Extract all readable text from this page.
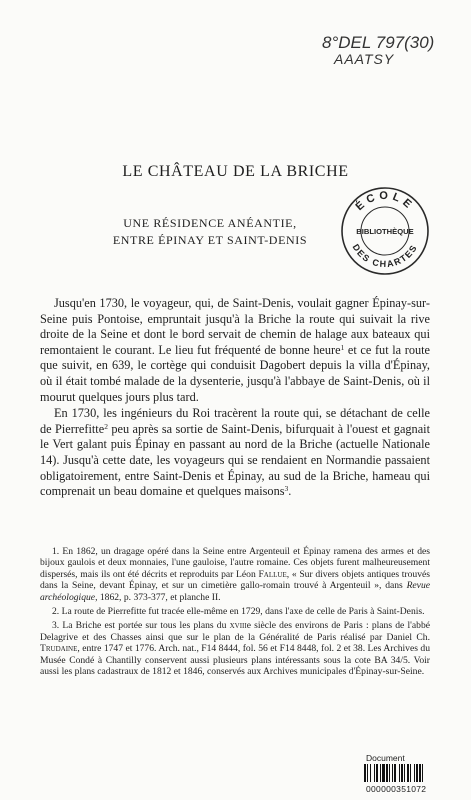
8°DEL 797(30)
AAATSY
LE CHÂTEAU DE LA BRICHE
UNE RÉSIDENCE ANÉANTIE,
ENTRE ÉPINAY ET SAINT-DENIS
ÉCOLE
BIBLIOTHÈQUE
DES CHARTES

Jusqu'en 1730, le voyageur, qui, de Saint-Denis, voulait gagner Épinay-sur-Seine puis Pontoise, empruntait jusqu'à la Briche la route qui suivait la rive droite de la Seine et dont le bord servait de chemin de halage aux bateaux qui remontaient le courant. Le lieu fut fréquenté de bonne heure$^1$ et ce fut la route que suivit, en 639, le cortège qui conduisit Dagobert depuis la villa d'Épinay, où il était tombé malade de la dysenterie, jusqu'à l'abbaye de Saint-Denis, où il mourut quelques jours plus tard.

En 1730, les ingénieurs du Roi tracèrent la route qui, se détachant de celle de Pierrefitte$^2$ peu après sa sortie de Saint-Denis, bifurquait à l'ouest et gagnait le Vert galant puis Épinay en passant au nord de la Briche (actuelle Nationale 14). Jusqu'à cette date, les voyageurs qui se rendaient en Normandie passaient obligatoirement, entre Saint-Denis et Épinay, au sud de la Briche, hameau qui comprenait un beau domaine et quelques maisons$^3$.

1. En 1862, un dragage opéré dans la Seine entre Argenteuil et Épinay ramena des armes et des bijoux gaulois et deux monnaies, l'une gauloise, l'autre romaine. Ces objets furent malheureusement dispersés, mais ils ont été décrits et reproduits par Léon Fallue, « Sur divers objets antiques trouvés dans la Seine, devant Épinay, et sur un cimetière gallo-romain trouvé à Argenteuil », dans Revue archéologique, 1862, p. 373-377, et planche II.

2. La route de Pierrefitte fut tracée elle-même en 1729, dans l'axe de celle de Paris à Saint-Denis.

3. La Briche est portée sur tous les plans du xviiie siècle des environs de Paris : plans de l'abbé Delagrive et des Chasses ainsi que sur le plan de la Généralité de Paris réalisé par Daniel Ch. Trudaine, entre 1747 et 1776. Arch. nat., F14 8444, fol. 56 et F14 8448, fol. 2 et 38. Les Archives du Musée Condé à Chantilly conservent aussi plusieurs plans intéressants sous la cote BA 34/5. Voir aussi les plans cadastraux de 1812 et 1846, conservés aux Archives municipales d'Épinay-sur-Seine.

Document
000000351072
